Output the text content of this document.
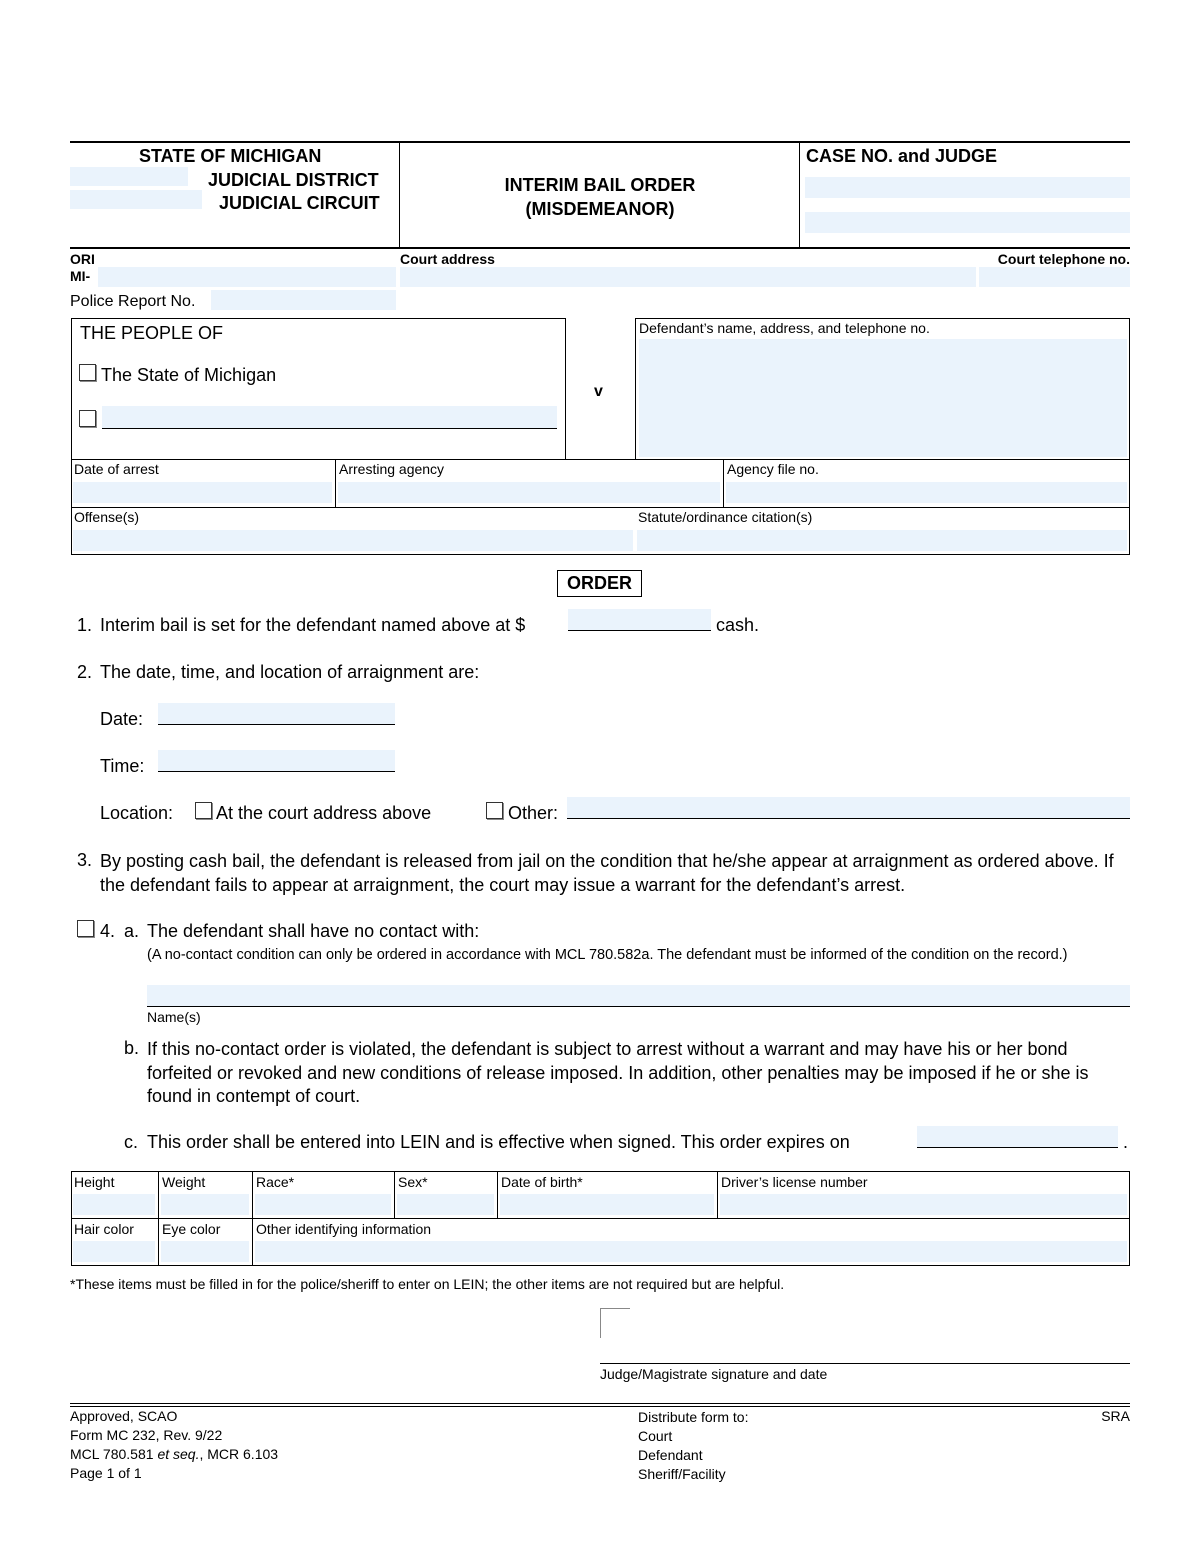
STATE OF MICHIGAN
JUDICIAL DISTRICT
JUDICIAL CIRCUIT
INTERIM BAIL ORDER
(MISDEMEANOR)
CASE NO. and JUDGE
ORI
MI-
Court address	Court telephone no.
Police Report No.
THE PEOPLE OF
The State of Michigan
v
Defendant’s name, address, and telephone no.
Date of arrest	Arresting agency	Agency file no.
Offense(s)	Statute/ordinance citation(s)
ORDER
1. Interim bail is set for the defendant named above at $	cash.
2. The date, time, and location of arraignment are:
Date:
Time:
Location: At the court address above	Other:
3. By posting cash bail, the defendant is released from jail on the condition that he/she appear at arraignment as ordered above. If the defendant fails to appear at arraignment, the court may issue a warrant for the defendant’s arrest.
4. a. The defendant shall have no contact with:
(A no-contact condition can only be ordered in accordance with MCL 780.582a. The defendant must be informed of the condition on the record.)
Name(s)
b. If this no-contact order is violated, the defendant is subject to arrest without a warrant and may have his or her bond forfeited or revoked and new conditions of release imposed. In addition, other penalties may be imposed if he or she is found in contempt of court.
c. This order shall be entered into LEIN and is effective when signed. This order expires on	.
Height	Weight	Race*	Sex*	Date of birth*	Driver’s license number
Hair color Eye color	Other identifying information
*These items must be filled in for the police/sheriff to enter on LEIN; the other items are not required but are helpful.
Judge/Magistrate signature and date
Approved, SCAO
Form MC 232, Rev. 9/22
MCL 780.581 et seq., MCR 6.103
Page 1 of 1
Distribute form to:
Court
Defendant
Sheriff/Facility
SRA
